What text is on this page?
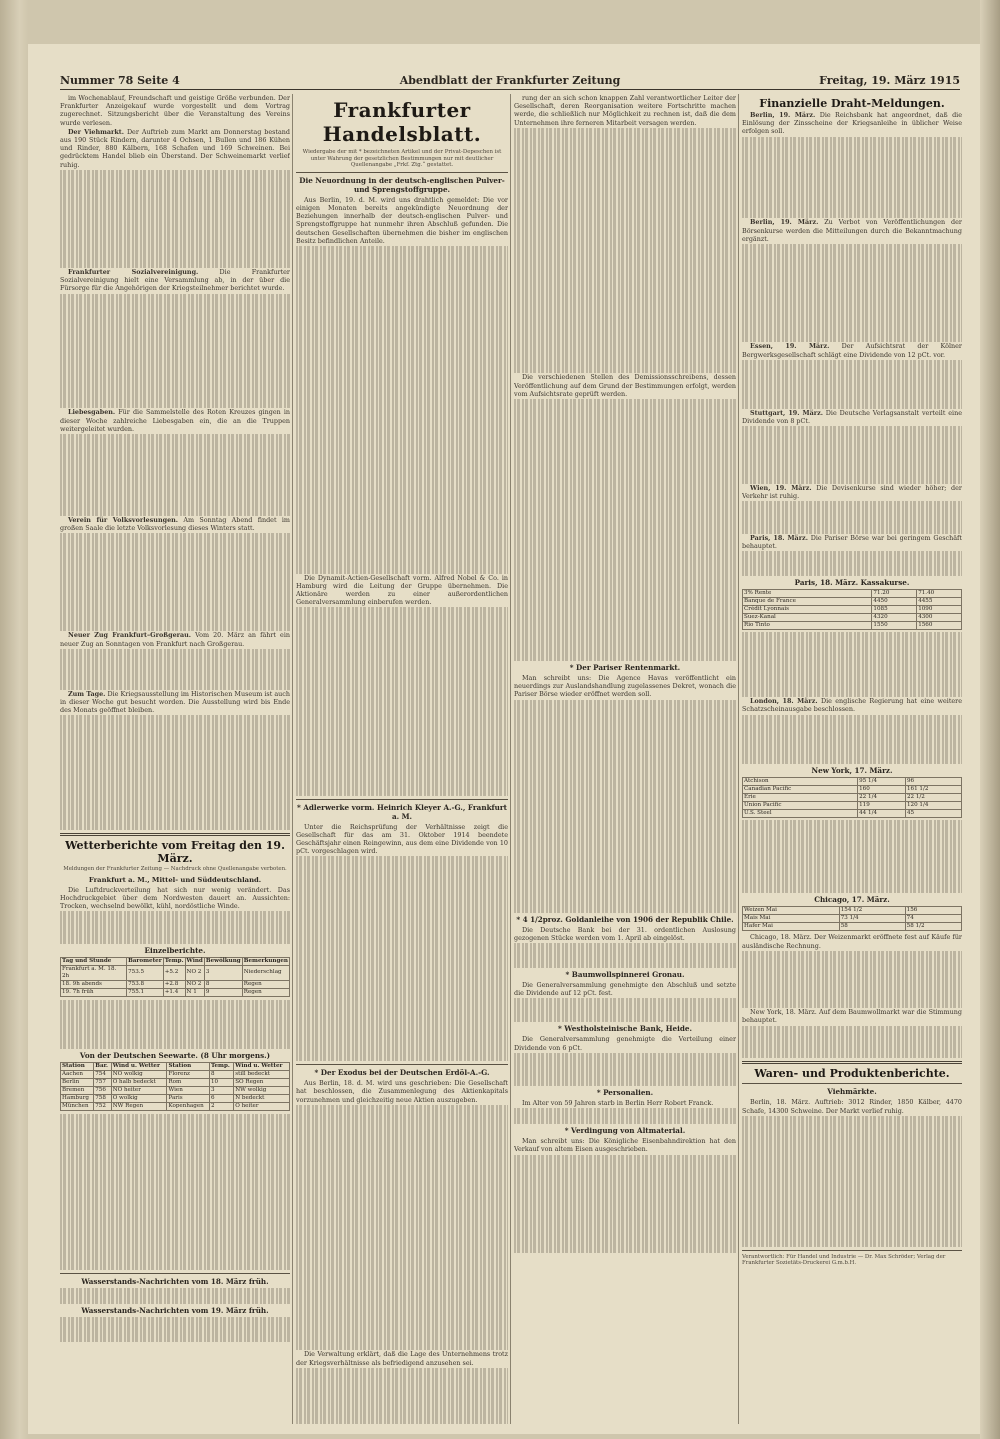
Nummer 78 Seite 4	Abendblatt der Frankfurter Zeitung	Freitag, 19. März 1915

im Wochenablauf, Freundschaft und geistige Größe verbunden. Der Frankfurter Anzeigekauf wurde vorgestellt und dem Vortrag zugerechnet. Sitzungsbericht über die Veranstaltung des Vereins wurde verlesen.

Der Viehmarkt. Der Auftrieb zum Markt am Donnerstag bestand aus 190 Stück Rindern, darunter 4 Ochsen, 1 Bullen und 186 Kühen und Rinder, 880 Kälbern, 168 Schafen und 169 Schweinen. Bei gedrücktem Handel blieb ein Überstand. Der Schweinemarkt verlief ruhig.

Frankfurter Sozialvereinigung.	Die Frankfurter Sozialvereinigung hielt eine Versammlung ab, in der über die Fürsorge für die Angehörigen der Kriegsteilnehmer berichtet wurde.

Liebesgaben. Für die Sammelstelle des Roten Kreuzes gingen in dieser Woche zahlreiche Liebesgaben ein, die an die Truppen weitergeleitet wurden.

Verein für Volksvorlesungen. Am Sonntag Abend findet im großen Saale die letzte Volksvorlesung dieses Winters statt.

Neuer Zug Frankfurt–Großgerau. Vom 20. März an fährt ein neuer Zug an Sonntagen von Frankfurt nach Großgerau.

Zum Tage. Die Kriegsausstellung im Historischen Museum ist auch in dieser Woche gut besucht worden. Die Ausstellung wird bis Ende des Monats geöffnet bleiben.

Wetterberichte vom Freitag den 19. März.
Meldungen der Frankfurter Zeitung — Nachdruck ohne Quellenangabe verboten.
Frankfurt a. M., Mittel- und Süddeutschland.

Die Luftdruckverteilung hat sich nur wenig verändert. Das Hochdruckgebiet über dem Nordwesten dauert an. Aussichten: Trocken, wechselnd bewölkt, kühl, nordöstliche Winde.

Einzelberichte.
Tag und Stunde	Barometer	Temp.	Wind	Bewölkung	Bemerkungen
Frankfurt a. M. 18. 2h	753.5	+5.2	NO 2	3	Niederschlag
18. 9h abends	753.8	+2.8	NO 2	8	Regen
19. 7h früh	755.1	+1.4	N 1	9	Regen
Von der Deutschen Seewarte. (8 Uhr morgens.)
Station	Bar.	Wind u. Wetter	Station	Temp.	Wind u. Wetter
Aachen	754	NO wolkig	Florenz	8	still bedeckt
Berlin	757	O halb bedeckt	Rom	10	SO Regen
Bremen	756	NO heiter	Wien	3	NW wolkig
Hamburg	758	O wolkig	Paris	6	N bedeckt
München	752	NW Regen	Kopenhagen	2	O heiter
Wasserstands-Nachrichten vom 18. März früh.
Wasserstands-Nachrichten vom 19. März früh.
Frankfurter Handelsblatt.
Wiedergabe der mit * bezeichneten Artikel und der Privat-Depeschen ist unter Wahrung der gesetzlichen Bestimmungen nur mit deutlicher Quellenangabe „Frkf. Ztg.“ gestattet.
Die Neuordnung in der deutsch-englischen Pulver- und Sprengstoffgruppe.

Aus Berlin, 19. d. M. wird uns drahtlich gemeldet: Die vor einigen Monaten bereits angekündigte Neuordnung der Beziehungen innerhalb der deutsch-englischen Pulver- und Sprengstoffgruppe hat nunmehr ihren Abschluß gefunden. Die deutschen Gesellschaften übernehmen die bisher im englischen Besitz befindlichen Anteile.

Die Dynamit-Actien-Gesellschaft vorm. Alfred Nobel & Co. in Hamburg wird die Leitung der Gruppe übernehmen. Die Aktionäre werden zu einer außerordentlichen Generalversammlung einberufen werden.

* Adlerwerke vorm. Heinrich Kleyer A.-G., Frankfurt a. M.

Unter die Reichsprüfung der Verhältnisse zeigt die Gesellschaft für das am 31. Oktober 1914 beendete Geschäftsjahr einen Reingewinn, aus dem eine Dividende von 10 pCt. vorgeschlagen wird.

* Der Exodus bei der Deutschen Erdöl-A.-G.

Aus Berlin, 18. d. M. wird uns geschrieben: Die Gesellschaft hat beschlossen, die Zusammenlegung des Aktienkapitals vorzunehmen und gleichzeitig neue Aktien auszugeben.

Die Verwaltung erklärt, daß die Lage des Unternehmens trotz der Kriegsverhältnisse als befriedigend anzusehen sei.

rung der an sich schon knappen Zahl verantwortlicher Leiter der Gesellschaft, deren Reorganisation weitere Fortschritte machen werde, die schließlich nur Möglichkeit zu rechnen ist, daß die dem Unternehmen ihre ferneren Mitarbeit versagen werden.

Die verschiedenen Stellen des Demissionsschreibens, dessen Veröffentlichung auf dem Grund der Bestimmungen erfolgt, werden vom Aufsichtsrate geprüft werden.

* Der Pariser Rentenmarkt.

Man schreibt uns: Die Agence Havas veröffentlicht ein neuerdings zur Auslandshandlung zugelassenes Dekret, wonach die Pariser Börse wieder eröffnet werden soll.

* 4 1/2proz. Goldanleihe von 1906 der Republik Chile.

Die Deutsche Bank bei der 31. ordentlichen Auslosung gezogenen Stücke werden vom 1. April ab eingelöst.

* Baumwollspinnerei Gronau.

Die Generalversammlung genehmigte den Abschluß und setzte die Dividende auf 12 pCt. fest.

* Westholsteinische Bank, Heide.

Die Generalversammlung genehmigte die Verteilung einer Dividende von 6 pCt.

* Personalien.

Im Alter von 59 Jahren starb in Berlin Herr Robert Franck.

* Verdingung von Altmaterial.

Man schreibt uns: Die Königliche Eisenbahndirektion hat den Verkauf von altem Eisen ausgeschrieben.

Finanzielle Draht-Meldungen.

Berlin, 19. März. Die Reichsbank hat angeordnet, daß die Einlösung der Zinsscheine der Kriegsanleihe in üblicher Weise erfolgen soll.

Berlin, 19. März. Zu Verbot von Veröffentlichungen der Börsenkurse werden die Mitteilungen durch die Bekanntmachung ergänzt.

Essen, 19. März. Der Aufsichtsrat der Kölner Bergwerksgesellschaft schlägt eine Dividende von 12 pCt. vor.

Stuttgart, 19. März. Die Deutsche Verlagsanstalt verteilt eine Dividende von 8 pCt.

Wien, 19. März. Die Devisenkurse sind wieder höher; der Verkehr ist ruhig.

Paris, 18. März. Die Pariser Börse war bei geringem Geschäft behauptet.

Paris, 18. März. Kassakurse.
3% Rente	71.20	71.40
Banque de France	4450	4455
Crédit Lyonnais	1085	1090
Suez-Kanal	4320	4300
Rio Tinto	1550	1560

London, 18. März. Die englische Regierung hat eine weitere Schatzscheinausgabe beschlossen.

New York, 17. März.
Atchison	95 1/4	96
Canadian Pacific	160	161 1/2
Erie	22 1/4	22 1/2
Union Pacific	119	120 1/4
U.S. Steel	44 1/4	45
Chicago, 17. März.
Weizen Mai	154 1/2	156
Mais Mai	73 1/4	74
Hafer Mai	58	58 1/2

Chicago, 18. März. Der Weizenmarkt eröffnete fest auf Käufe für ausländische Rechnung.

New York, 18. März. Auf dem Baumwollmarkt war die Stimmung behauptet.

Waren- und Produktenberichte.
Viehmärkte.

Berlin, 18. März. Auftrieb: 3012 Rinder, 1850 Kälber, 4470 Schafe, 14300 Schweine. Der Markt verlief ruhig.

Verantwortlich: Für Handel und Industrie — Dr. Max Schröder; Verlag der Frankfurter Sozietäts-Druckerei G.m.b.H.
